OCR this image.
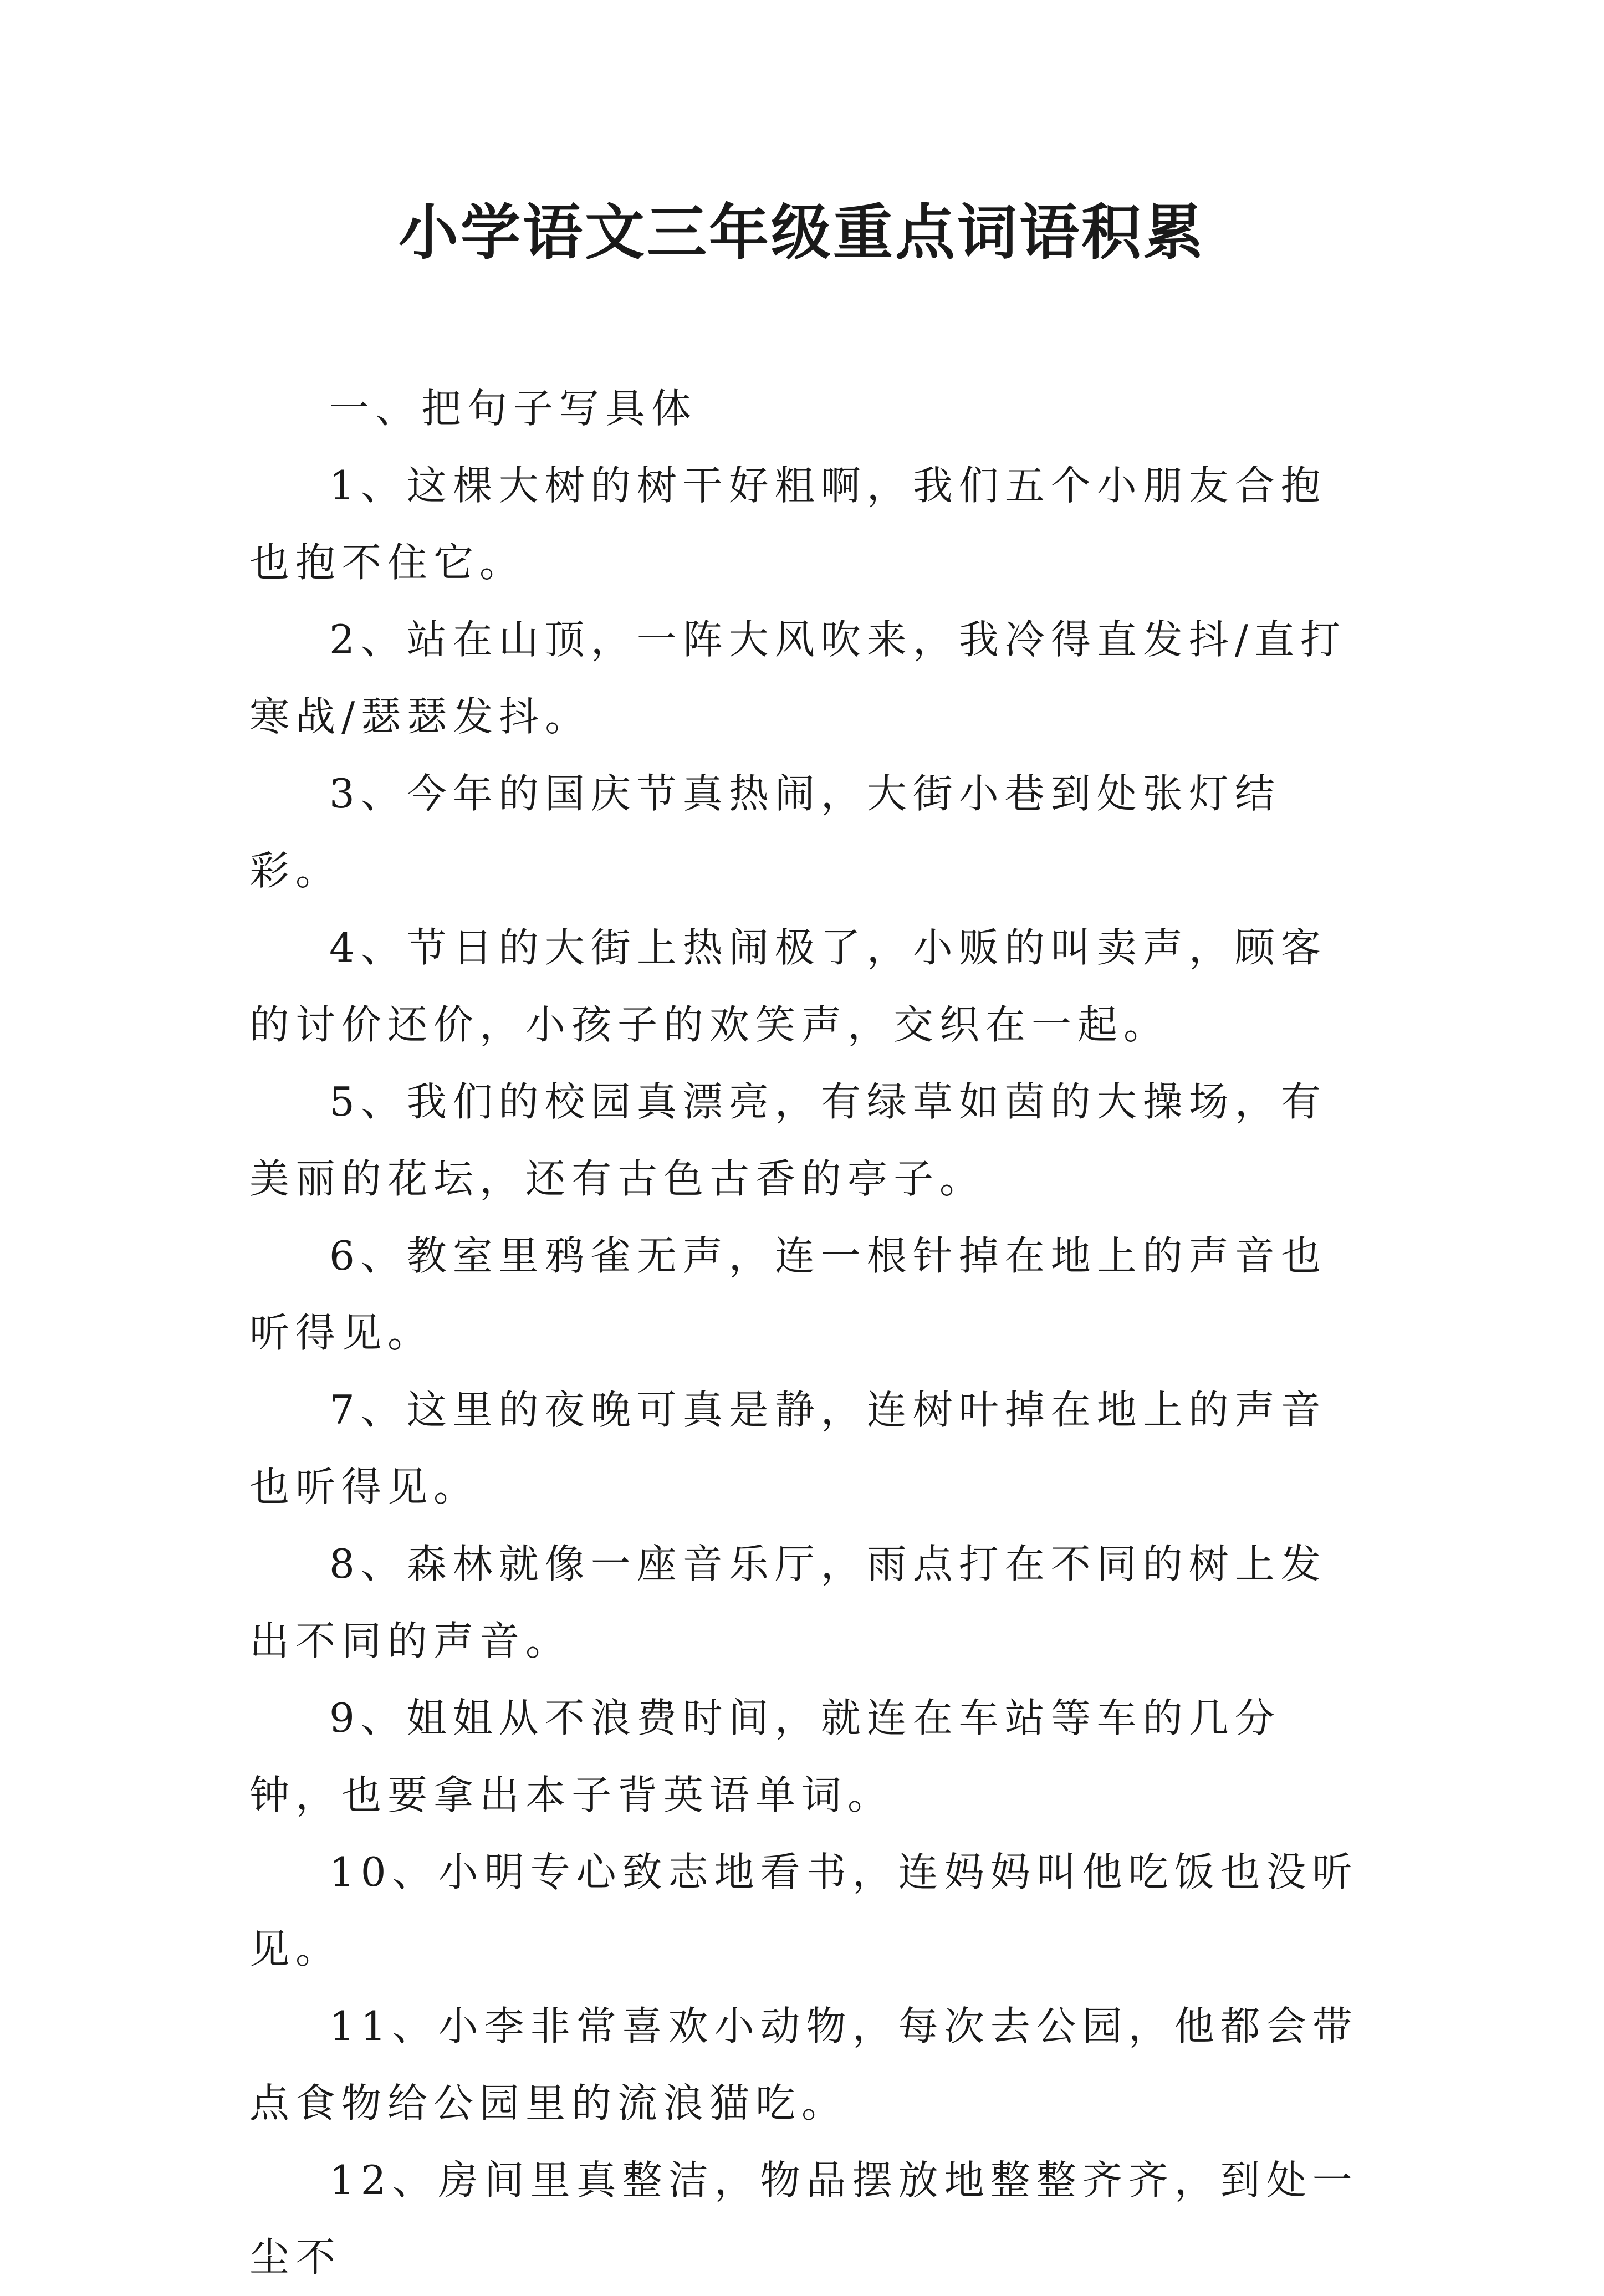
小学语文三年级重点词语积累

一、把句子写具体

1、这棵大树的树干好粗啊，我们五个小朋友合抱也抱不住它。

2、站在山顶，一阵大风吹来，我冷得直发抖/直打寒战/瑟瑟发抖。

3、今年的国庆节真热闹，大街小巷到处张灯结彩。

4、节日的大街上热闹极了，小贩的叫卖声，顾客的讨价还价，小孩子的欢笑声，交织在一起。

5、我们的校园真漂亮，有绿草如茵的大操场，有美丽的花坛，还有古色古香的亭子。

6、教室里鸦雀无声，连一根针掉在地上的声音也听得见。

7、这里的夜晚可真是静，连树叶掉在地上的声音也听得见。

8、森林就像一座音乐厅，雨点打在不同的树上发出不同的声音。

9、姐姐从不浪费时间，就连在车站等车的几分钟，也要拿出本子背英语单词。

10、小明专心致志地看书，连妈妈叫他吃饭也没听见。

11、小李非常喜欢小动物，每次去公园，他都会带点食物给公园里的流浪猫吃。

12、房间里真整洁，物品摆放地整整齐齐，到处一尘不
